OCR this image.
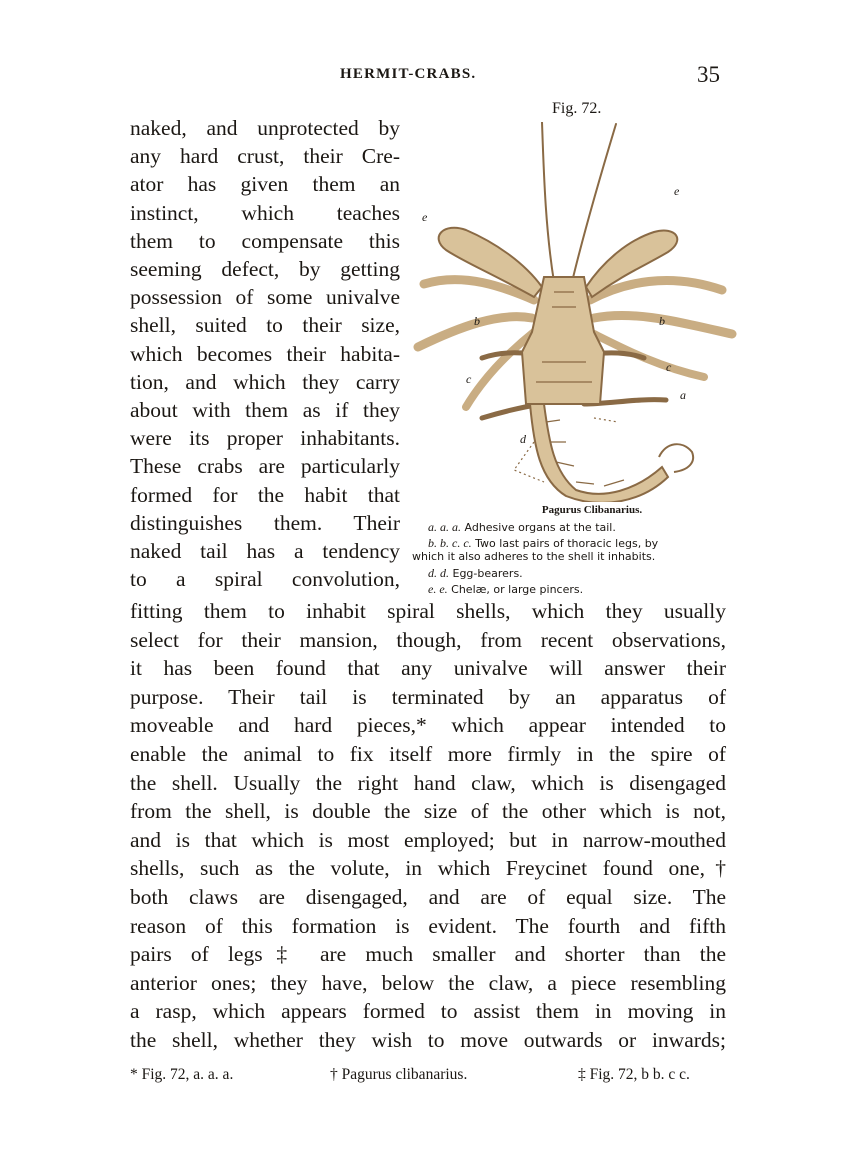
HERMIT-CRABS.	35
naked, and unprotected by
any hard crust, their Cre-
ator has given them an
instinct, which teaches
them to compensate this
seeming defect, by getting
possession of some univalve
shell, suited to their size,
which becomes their habita-
tion, and which they carry
about with them as if they
were its proper inhabitants.
These crabs are particularly
formed for the habit that
distinguishes them. Their
naked tail has a tendency
to a spiral convolution,
Fig. 72.
e
e
b	b
c
c
a
d
Pagurus Clibanarius.
a. a. a. Adhesive organs at the tail.
b. b. c. c. Two last pairs of thoracic legs, by
which it also adheres to the shell it inhabits.
d. d. Egg-bearers.
e. e. Chelæ, or large pincers.
fitting them to inhabit spiral shells, which they usually
select for their mansion, though, from recent observations,
it has been found that any univalve will answer their
purpose. Their tail is terminated by an apparatus of
moveable and hard pieces,* which appear intended to
enable the animal to fix itself more firmly in the spire of
the shell. Usually the right hand claw, which is disengaged
from the shell, is double the size of the other which is not,
and is that which is most employed; but in narrow-mouthed
shells, such as the volute, in which Freycinet found one,†
both claws are disengaged, and are of equal size. The
reason of this formation is evident. The fourth and fifth
pairs of legs‡ are much smaller and shorter than the
anterior ones; they have, below the claw, a piece resembling
a rasp, which appears formed to assist them in moving in
the shell, whether they wish to move outwards or inwards;
* Fig. 72, a. a. a.	† Pagurus clibanarius.	‡ Fig. 72, b b. c c.
